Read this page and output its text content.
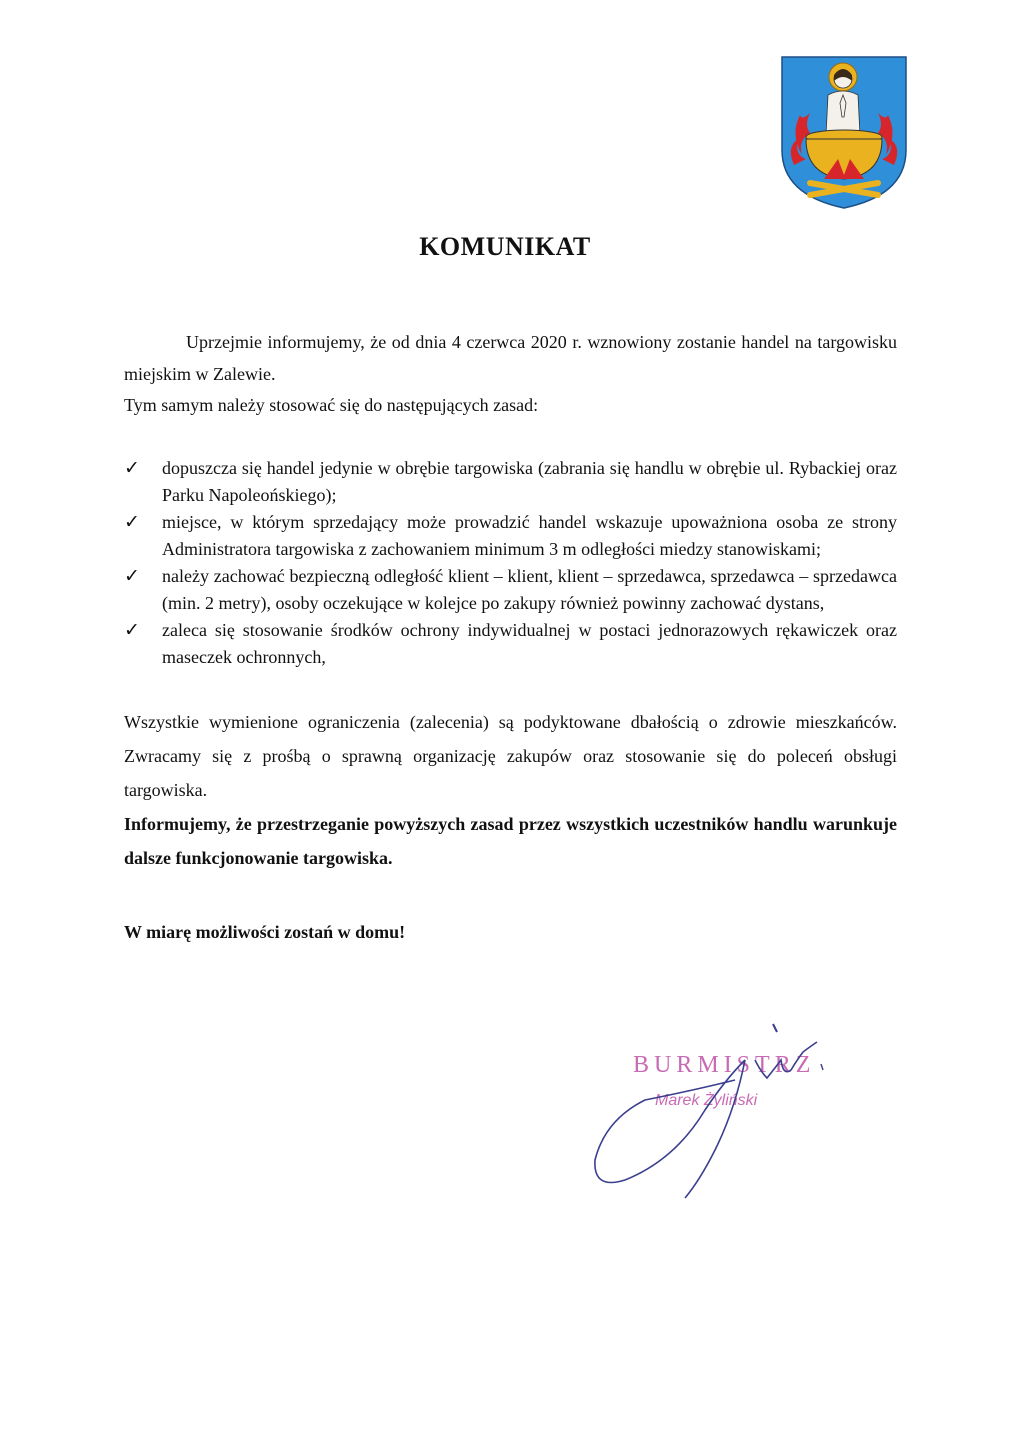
KOMUNIKAT

Uprzejmie informujemy, że od dnia 4 czerwca 2020 r. wznowiony zostanie handel na targowisku miejskim w Zalewie.

Tym samym należy stosować się do następujących zasad:

✓	dopuszcza się handel jedynie w obrębie targowiska (zabrania się handlu w obrębie ul. Rybackiej oraz Parku Napoleońskiego);
✓	miejsce, w którym sprzedający może prowadzić handel wskazuje upoważniona osoba ze strony Administratora targowiska z zachowaniem minimum 3 m odległości miedzy stanowiskami;
✓	należy zachować bezpieczną odległość klient – klient, klient – sprzedawca, sprzedawca – sprzedawca (min. 2 metry), osoby oczekujące w kolejce po zakupy również powinny zachować dystans,
✓	zaleca się stosowanie środków ochrony indywidualnej w postaci jednorazowych rękawiczek oraz maseczek ochronnych,

Wszystkie wymienione ograniczenia (zalecenia) są podyktowane dbałością o zdrowie mieszkańców. Zwracamy się z prośbą o sprawną organizację zakupów oraz stosowanie się do poleceń obsługi targowiska.

Informujemy, że przestrzeganie powyższych zasad przez wszystkich uczestników handlu warunkuje dalsze funkcjonowanie targowiska.

W miarę możliwości zostań w domu!

BURMISTRZ
Marek Żyliński
